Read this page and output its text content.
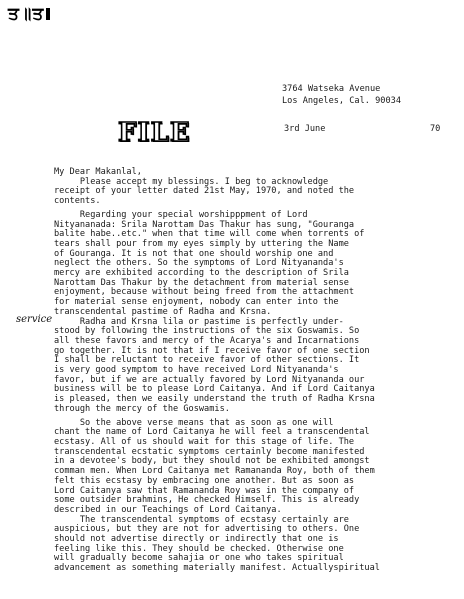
ਤ॥ਤ
3764 Watseka Avenue
Los Angeles, Cal. 90034
FILE	3rd June	70
service
My Dear Makanlal,
Please accept my blessings. I beg to acknowledge
receipt of your letter dated 21st May, 1970, and noted the
contents.
Regarding your special worshipppment of Lord
Nityananada: Srila Narottam Das Thakur has sung, "Gouranga
balite habe..etc." when that time will come when torrents of
tears shall pour from my eyes simply by uttering the Name
of Gouranga. It is not that one should worship one and
neglect the others. So the symptoms of Lord Nityananda's
mercy are exhibited according to the description of Srila
Narottam Das Thakur by the detachment from material sense
enjoyment, because without being freed from the attachment
for material sense enjoyment, nobody can enter into the
transcendental pastime of Radha and Krsna.
Radha and Krsna lila or pastime is perfectly under-
stood by following the instructions of the six Goswamis. So
all these favors and mercy of the Acarya's and Incarnations
go together. It is not that if I receive favor of one section
I shall be reluctant to receive favor of other sections. It
is very good symptom to have received Lord Nityananda's
favor, but if we are actually favored by Lord Nityananda our
business will be to please Lord Caitanya. And if Lord Caitanya
is pleased, then we easily understand the truth of Radha Krsna
through the mercy of the Goswamis.
So the above verse means that as soon as one will
chant the name of Lord Caitanya he will feel a transcendental
ecstasy. All of us should wait for this stage of life. The
transcendental ecstatic symptoms certainly become manifested
in a devotee's body, but they should not be exhibited amongst
comman men. When Lord Caitanya met Ramananda Roy, both of them
felt this ecstasy by embracing one another. But as soon as
Lord Caitanya saw that Ramananda Roy was in the company of
some outsider brahmins, He checked Himself. This is already
described in our Teachings of Lord Caitanya.
The transcendental symptoms of ecstasy certainly are
auspicious, but they are not for advertising to others. One
should not advertise directly or indirectly that one is
feeling like this. They should be checked. Otherwise one
will gradually become sahajia or one who takes spiritual
advancement as something materially manifest. Actuallyspiritual
